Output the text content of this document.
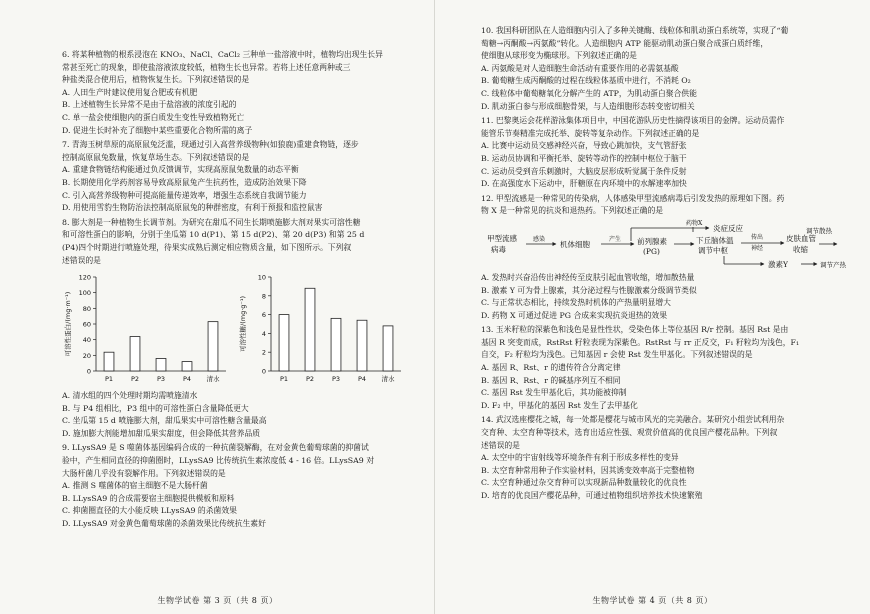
6. 将某种植物的根系浸泡在 KNO₃、NaCl、CaCl₂ 三种单一盐溶液中时，植物均出现生长异

常甚至死亡的现象，即使盐溶液浓度较低，植物生长也异常。若将上述任意两种或三

种盐类混合使用后，植物恢复生长。下列叙述错误的是

A. 人田生产时建议使用复合肥或有机肥

B. 上述植物生长异常不是由于盐溶液的浓度引起的

C. 单一盐会使细胞内的蛋白质发生变性导致植物死亡

D. 促进生长时补充了细胞中某些重要化合物所需的离子

7. 青海玉树草原的高原鼠兔泛滥，现通过引入高营养级物种(如狼鹿)重建食物链，逐步

控制高原鼠兔数量，恢复草场生态。下列叙述错误的是

A. 重建食物链结构能通过负反馈调节，实现高原鼠兔数量的动态平衡

B. 长期使用化学药剂容易导致高原鼠兔产生抗药性，造成防治效果下降

C. 引入高营养级物种可提高能量传递效率，增强生态系统自我调节能力

D. 用使用雪豹生物防治法控制高原鼠兔的种群密度，有利于预报和监控鼠害

8. 膨大剂是一种植物生长调节剂。为研究在甜瓜不同生长期喷施膨大剂对果实可溶性糖

和可溶性蛋白的影响，分别于坐瓜第 10 d(P1)、第 15 d(P2)、第 20 d(P3) 和第 25 d

(P4)四个时期进行喷施处理，待果实成熟后测定相应物质含量，如下图所示。下列叙

述错误的是

0
20
40
60
80
100
120
可溶性蛋白/(mg·m⁻¹)
P1	P2	P3	P4 清水
0
2
4
6
8
10
可溶性糖/(mg·g⁻¹)
P1	P2	P3	P4 清水

A. 清水组的四个处理时期均需喷施清水

B. 与 P4 组相比，P3 组中的可溶性蛋白含量降低更大

C. 坐瓜第 15 d 喷施膨大剂，甜瓜果实中可溶性糖含量最高

D. 施加膨大剂能增加甜瓜果实甜度，但会降低其营养品质

9. LLysSA9 是 S 噬菌体基因编码合成的一种抗菌裂解酶，在对金黄色葡萄球菌的抑菌试

验中，产生相同直径的抑菌圈时，LLysSA9 比传统抗生素浓度低 4 - 16 倍。LLysSA9 对

大肠杆菌几乎没有裂解作用。下列叙述错误的是

A. 推测 S 噬菌体的宿主细胞不是大肠杆菌

B. LLysSA9 的合成需要宿主细胞提供模板和原料

C. 抑菌圈直径的大小能反映 LLysSA9 的杀菌效果

D. LLysSA9 对金黄色葡萄球菌的杀菌效果比传统抗生素好

生物学试卷 第 3 页（共 8 页）

10. 我国科研团队在人造细胞内引入了多种关键酶、线粒体和肌动蛋白系统等，实现了“葡

萄糖→丙酮酸→丙氨酸”转化。人造细胞内 ATP 能驱动肌动蛋白聚合成蛋白质纤维，

使细胞从球形变为椭球形。下列叙述正确的是

A. 丙氨酸是对人造细胞生命活动有重要作用的必需氨基酸

B. 葡萄糖生成丙酮酸的过程在线粒体基质中进行，不消耗 O₂

C. 线粒体中葡萄糖氧化分解产生的 ATP，为肌动蛋白聚合供能

D. 肌动蛋白参与形成细胞骨架，与人造细胞形态转变密切相关

11. 巴黎奥运会花样游泳集体项目中，中国花游队历史性摘得该项目的金牌。运动员需作

能管乐节奏精准完成托举、旋转等复杂动作。下列叙述正确的是

A. 比赛中运动员交感神经兴奋，导致心跳加快，支气管舒张

B. 运动员协调和平衡托举、旋转等动作的控制中枢位于脑干

C. 运动员受到音乐刺激时，大脑皮层形成听觉属于条件反射

D. 在高强度水下运动中，肝糖原在内环境中的水解速率加快

12. 甲型流感是一种常见的传染病，人体感染甲型流感病毒后引发发热的原理如下图。药

物 X 是一种常见的抗炎和退热药。下列叙述正确的是

甲型流感
病毒
感染
机体细胞
产生 前列腺素
(PG)
下丘脑体温
调节中枢
炎症反应
药物X
传出
神经
皮肤血管
收缩
调节散热
激素Y	调节产热

A. 发热时兴奋沿传出神经传至皮肤引起血管收缩，增加散热量

B. 激素 Y 可为骨上腺素，其分泌过程与性腺激素分级调节类似

C. 与正常状态相比，持续发热时机体的产热量明显增大

D. 药物 X 可通过促进 PG 合成来实现抗炎退热的效果

13. 玉米籽粒的深紫色和浅色是显性性状，受染色体上等位基因 R/r 控制。基因 Rst 是由

基因 R 突变而成，RstRst 籽粒表现为深紫色。RstRst 与 rr 正反交，F₁ 籽粒均为浅色，F₁

自交，F₂ 籽粒均为浅色。已知基因 r 会使 Rst 发生甲基化。下列叙述错误的是

A. 基因 R、Rst、r 的遗传符合分离定律

B. 基因 R、Rst、r 的碱基序列互不相同

C. 基因 Rst 发生甲基化后，其功能被抑制

D. F₂ 中，甲基化的基因 Rst 发生了去甲基化

14. 武汉选座樱花之城，每一处都是樱花与城市风光的完美融合。某研究小组尝试利用杂

交育种、太空育种等技术，选育出适应性强、观赏价值高的优良国产樱花品种。下列叙

述错误的是

A. 太空中的宇宙射线等环境条件有利于形成多样性的变异

B. 太空育种常用种子作实验材料，因其诱变效率高于完整植物

C. 太空育种通过杂交育种可以实现新品种数量较化的优良性

D. 培育的优良国产樱花品种，可通过植物组织培养技术快速繁殖

生物学试卷 第 4 页（共 8 页）
